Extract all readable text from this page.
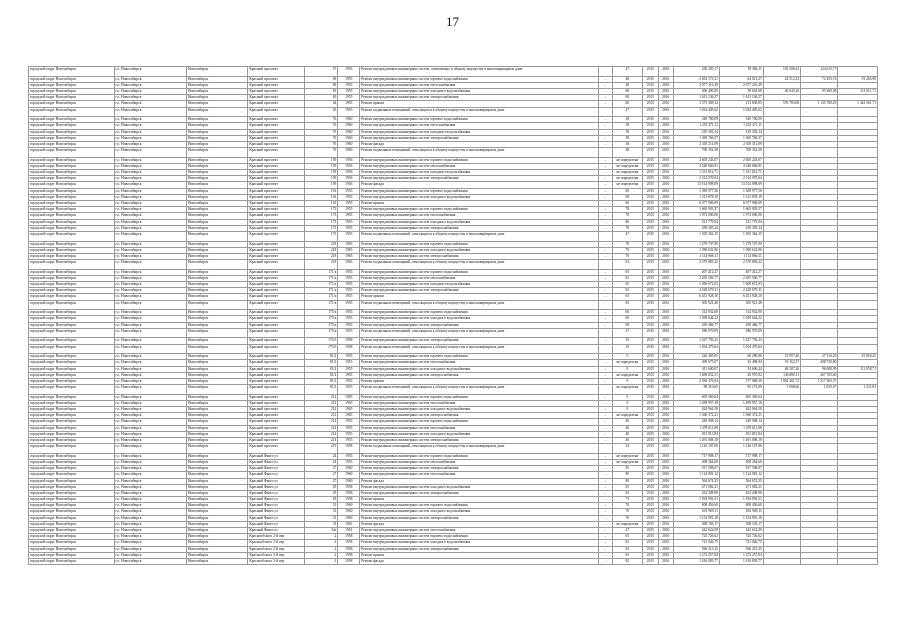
17
городской округ Новосибирск	г.о. Новосибирск	Новосибирск	Красный проспект	57	1953	Ремонт внутридомовых инженерных систем, отвечающих к общему имуществу в многоквартирном доме		47	2015	2016	250 205,17	39 384,11	105 506,63	124 615,77	
городской округ Новосибирск	г.о. Новосибирск	Новосибирск	Красный проспект	69	1955	Ремонт внутридомовых инженерных систем горячего водоснабжения	–	48	2015	2016	2 652 173,31	64 013,27	24 512,32	72 455,74	91 265,98
городской округ Новосибирск	г.о. Новосибирск	Новосибирск	Красный проспект	69	1955	Ремонт внутридомовых инженерных систем теплоснабжения	–	48	2015	2016	2 077 216,49	2 077 216,49			
городской округ Новосибирск	г.о. Новосибирск	Новосибирск	Красный проспект	65	1955	Ремонт внутридомовых инженерных систем холодного водоснабжения	–	60	2015	2016	306 490,00	58 654,68	40 645,26	95 369,08	112 811,71
городской округ Новосибирск	г.о. Новосибирск	Новосибирск	Красный проспект	65	1955	Ремонт внутридомовых инженерных систем электроснабжения	–	60	2015	2016	1 613 136,57	1 613 136,57			
городской округ Новосибирск	г.о. Новосибирск	Новосибирск	Красный проспект	64	1955	Ремонт крыши	–	60	2015	2016	3 373 369,12	213 830,85	576 783,08	1 135 780,29	1 342 561,71
городской округ Новосибирск	г.о. Новосибирск	Новосибирск	Красный проспект	65	1955	Ремонт подвальных помещений, относящихся к общему имуществу в многоквартирном доме		27	2015	2016	1 034 405,62	1 034 405,62			
городской округ Новосибирск	г.о. Новосибирск	Новосибирск	Красный проспект	76	1960	Ремонт внутридомовых инженерных систем горячего водоснабжения	–	38	2015	2016	349 700,09	349 700,09			
городской округ Новосибирск	г.о. Новосибирск	Новосибирск	Красный проспект	76	1960	Ремонт внутридомовых инженерных систем теплоснабжения	–	38	2015	2016	1 253 471,11	1 253 471,11			
городской округ Новосибирск	г.о. Новосибирск	Новосибирск	Красный проспект	76	1960	Ремонт внутридомовых инженерных систем холодного водоснабжения	–	38	2015	2016	419 302,14	419 302,14			
городской округ Новосибирск	г.о. Новосибирск	Новосибирск	Красный проспект	76	1960	Ремонт внутридомовых инженерных систем электроснабжения	–	38	2015	2016	1 369 766,57	1 369 766,57			
городской округ Новосибирск	г.о. Новосибирск	Новосибирск	Красный проспект	76	1960	Ремонт фасада	–	38	2015	2016	2 305 311,09	2 305 311,09			
городской округ Новосибирск	г.о. Новосибирск	Новосибирск	Красный проспект	76	1960	Ремонт подвальных помещений, относящихся к общему имуществу в многоквартирном доме		38	2015	2016	700 352,58	700 352,58			
городской округ Новосибирск	г.о. Новосибирск	Новосибирск	Красный проспект	159	1956	Ремонт внутридомовых инженерных систем горячего водоснабжения	–	не определена	2015	2016	2 605 243,07	2 605 243,07			
городской округ Новосибирск	г.о. Новосибирск	Новосибирск	Красный проспект	159	1956	Ремонт внутридомовых инженерных систем теплоснабжения	–	не определена	2015	2016	4 548 666,81	4 548 666,81			
городской округ Новосибирск	г.о. Новосибирск	Новосибирск	Красный проспект	159	1956	Ремонт внутридомовых инженерных систем холодного водоснабжения	–	не определена	2015	2016	1 331 812,71	1 331 812,71			
городской округ Новосибирск	г.о. Новосибирск	Новосибирск	Красный проспект	159	1956	Ремонт внутридомовых инженерных систем электроснабжения	–	не определена	2015	2016	2 314 070,04	2 314 070,04			
городской округ Новосибирск	г.о. Новосибирск	Новосибирск	Красный проспект	159	1956	Ремонт фасада	–	не определена	2015	2016	13 514 998,09	13 514 998,09			
городской округ Новосибирск	г.о. Новосибирск	Новосибирск	Красный проспект	161	1955	Ремонт внутридомовых инженерных систем горячего водоснабжения	–	60	2015	2016	1 369 977,56	1 369 977,56			
городской округ Новосибирск	г.о. Новосибирск	Новосибирск	Красный проспект	161	1955	Ремонт внутридомовых инженерных систем холодного водоснабжения	–	60	2015	2016	1 313 878,19	1 313 878,19			
городской округ Новосибирск	г.о. Новосибирск	Новосибирск	Красный проспект	161	1955	Ремонт крыши	–	60	2015	2016	6 077 906,09	6 077 906,09			
городской округ Новосибирск	г.о. Новосибирск	Новосибирск	Красный проспект	173	1955	Ремонт внутридомовых инженерных систем горячего водоснабжения	–	78	2015	2016	1 665 903,57	1 665 903,57			
городской округ Новосибирск	г.о. Новосибирск	Новосибирск	Красный проспект	173	1955	Ремонт внутридомовых инженерных систем теплоснабжения	–	78	2015	2016	1 972 000,06	1 972 000,06			
городской округ Новосибирск	г.о. Новосибирск	Новосибирск	Красный проспект	173	1955	Ремонт внутридомовых инженерных систем холодного водоснабжения	–	80	2015	2016	521 779,04	521 779,04			
городской округ Новосибирск	г.о. Новосибирск	Новосибирск	Красный проспект	173	1955	Ремонт внутридомовых инженерных систем электроснабжения	–	78	2015	2016	458 305,24	458 305,24			
городской округ Новосибирск	г.о. Новосибирск	Новосибирск	Красный проспект	173	1955	Ремонт подвальных помещений, относящихся к общему имуществу в многоквартирном доме		47	2015	2016	1 305 362,15	1 305 362,15			
городской округ Новосибирск	г.о. Новосибирск	Новосибирск	Красный проспект	218	1965	Ремонт внутридомовых инженерных систем горячего водоснабжения	–	70	2015	2016	1 279 747,90	1 279 747,90			
городской округ Новосибирск	г.о. Новосибирск	Новосибирск	Красный проспект	218	1965	Ремонт внутридомовых инженерных систем холодного водоснабжения	–	70	2015	2016	1 396 632,96	1 396 632,96			
городской округ Новосибирск	г.о. Новосибирск	Новосибирск	Красный проспект	218	1965	Ремонт внутридомовых инженерных систем электроснабжения	–	70	2015	2016	1 114 866,11	1 114 866,11			
городской округ Новосибирск	г.о. Новосибирск	Новосибирск	Красный проспект	218	1965	Ремонт подвальных помещений, относящихся к общему имуществу в многоквартирном доме		64	2015	2016	2 370 883,22	2 370 883,22			
городской округ Новосибирск	г.о. Новосибирск	Новосибирск	Красный проспект	171/а	1955	Ремонт внутридомовых инженерных систем горячего водоснабжения	–	65	2015	2016	407 412,27	407 412,27			
городской округ Новосибирск	г.о. Новосибирск	Новосибирск	Красный проспект	171/а	1955	Ремонт внутридомовых инженерных систем теплоснабжения	–	65	2015	2016	2 205 506,77	2 205 506,77			
городской округ Новосибирск	г.о. Новосибирск	Новосибирск	Красный проспект	171/а	1955	Ремонт внутридомовых инженерных систем холодного водоснабжения	–	65	2015	2016	1 069 672,03	1 069 672,03			
городской округ Новосибирск	г.о. Новосибирск	Новосибирск	Красный проспект	171/а	1955	Ремонт внутридомовых инженерных систем электроснабжения	–	65	2015	2016	2 428 679,31	2 428 679,31			
городской округ Новосибирск	г.о. Новосибирск	Новосибирск	Красный проспект	171/а	1955	Ремонт крыши	–	65	2015	2016	6 451 928,10	6 451 928,10			
городской округ Новосибирск	г.о. Новосибирск	Новосибирск	Красный проспект	171/а	1955	Ремонт подвальных помещений, относящихся к общему имуществу в многоквартирном доме		65	2015	2016	305 921,48	305 921,48			
городской округ Новосибирск	г.о. Новосибирск	Новосибирск	Красный проспект	175/а	1955	Ремонт внутридомовых инженерных систем горячего водоснабжения	–	60	2015	2016	314 932,00	314 932,00			
городской округ Новосибирск	г.о. Новосибирск	Новосибирск	Красный проспект	175/а	1955	Ремонт внутридомовых инженерных систем холодного водоснабжения	–	60	2015	2016	1 058 644,22	1 058 644,22			
городской округ Новосибирск	г.о. Новосибирск	Новосибирск	Красный проспект	175/а	1955	Ремонт внутридомовых инженерных систем электроснабжения	–	60	2015	2016	450 466,77	450 466,77			
городской округ Новосибирск	г.о. Новосибирск	Новосибирск	Красный проспект	175/а	1955	Ремонт подвальных помещений, относящихся к общему имуществу в многоквартирном доме		27	2015	2016	586 970,09	586 970,09			
городской округ Новосибирск	г.о. Новосибирск	Новосибирск	Красный проспект	175/б	1958	Ремонт внутридомовых инженерных систем электроснабжения	–	35	2015	2016	1 427 793,23	1 427 793,23			
городской округ Новосибирск	г.о. Новосибирск	Новосибирск	Красный проспект	175/б	1958	Ремонт подвальных помещений, относящихся к общему имуществу в многоквартирном доме		35	2015	2016	1 034 479,64	1 034 479,64			
городской округ Новосибирск	г.о. Новосибирск	Новосибирск	Красный проспект	81/2	1955	Ремонт внутридомовых инженерных систем горячего водоснабжения	–	0	2015	2016	226 405,05	66 280,86	51 957,46	27 316,20	81 850,45
городской округ Новосибирск	г.о. Новосибирск	Новосибирск	Красный проспект	81/2	1955	Ремонт внутридомовых инженерных систем теплоснабжения	–	не определена	2015	2016	309 675,07	43 498,94	91 352,37	208 730,80	
городской округ Новосибирск	г.о. Новосибирск	Новосибирск	Красный проспект	81/2	1955	Ремонт внутридомовых инженерных систем холодного водоснабжения	–	0	2015	2016	411 600,07	54 606,24	48 207,26	96 608,99	111 058,71
городской округ Новосибирск	г.о. Новосибирск	Новосибирск	Красный проспект	81/2	1955	Ремонт внутридомовых инженерных систем электроснабжения	–	не определена	2015	2016	1 699 052,51	20 970,82	136 880,11	267 765,40	
городской округ Новосибирск	г.о. Новосибирск	Новосибирск	Красный проспект	81/2	1955	Ремонт крыши	–	0	2015	2016	2 930 476,94	577 068,30	1 062 401,72	1 217 365,37	
городской округ Новосибирск	г.о. Новосибирск	Новосибирск	Красный проспект	81/2	1955	Ремонт подвальных помещений, относящихся к общему имуществу в многоквартирном доме		не определена	2015	2016	98 310,65	95 175,09	1 908,66	1 035,07	1 231,83
городской округ Новосибирск	г.о. Новосибирск	Новосибирск	Красный проспект	212	1965	Ремонт внутридомовых инженерных систем горячего водоснабжения	–	0	2015	2016	605 369,64	605 369,64			
городской округ Новосибирск	г.о. Новосибирск	Новосибирск	Красный проспект	212	1965	Ремонт внутридомовых инженерных систем теплоснабжения	–	0	2015	2016	1 499 957,18	1 499 957,18			
городской округ Новосибирск	г.о. Новосибирск	Новосибирск	Красный проспект	212	1965	Ремонт внутридомовых инженерных систем холодного водоснабжения	–	0	2015	2016	262 964,58	262 964,58			
городской округ Новосибирск	г.о. Новосибирск	Новосибирск	Красный проспект	212	1965	Ремонт внутридомовых инженерных систем электроснабжения	–	не определена	2015	2016	1 360 372,21	1 360 372,21			
городской округ Новосибирск	г.о. Новосибирск	Новосибирск	Красный проспект	214	1955	Ремонт внутридомовых инженерных систем горячего водоснабжения	–	40	2015	2016	449 908,14	449 908,14			
городской округ Новосибирск	г.о. Новосибирск	Новосибирск	Красный проспект	214	1955	Ремонт внутридомовых инженерных систем теплоснабжения	–	40	2015	2016	1 478 611,08	1 478 611,08			
городской округ Новосибирск	г.о. Новосибирск	Новосибирск	Красный проспект	214	1955	Ремонт внутридомовых инженерных систем холодного водоснабжения	–	40	2015	2016	391 815,84	391 815,84			
городской округ Новосибирск	г.о. Новосибирск	Новосибирск	Красный проспект	214	1955	Ремонт внутридомовых инженерных систем электроснабжения	–	40	2015	2016	1 491 008,18	1 491 008,18			
городской округ Новосибирск	г.о. Новосибирск	Новосибирск	Красный проспект	219	1958	Ремонт подвальных помещений, относящихся к общему имуществу в многоквартирном доме		34	2015	2016	1 126 107,06	1 126 107,06			
городской округ Новосибирск	г.о. Новосибирск	Новосибирск	Красный Факел ул	24	1955	Ремонт внутридомовых инженерных систем горячего водоснабжения	–	не определена	2015	2016	717 908,17	717 908,17			
городской округ Новосибирск	г.о. Новосибирск	Новосибирск	Красный Факел ул	24	1955	Ремонт внутридомовых инженерных систем теплоснабжения	–	не определена	2015	2016	408 264,60	408 264,60			
городской округ Новосибирск	г.о. Новосибирск	Новосибирск	Красный Факел ул	27	1960	Ремонт внутридомовых инженерных систем электроснабжения	–	85	2015	2016	917 508,07	917 508,07			
городской округ Новосибирск	г.о. Новосибирск	Новосибирск	Красный Факел ул	27	1960	Ремонт внутридомовых инженерных систем теплоснабжения	–	80	2015	2016	1 124 081,12	1 124 081,12			
городской округ Новосибирск	г.о. Новосибирск	Новосибирск	Красный Факел ул	27	1960	Ремонт фасада	–	80	2015	2016	564 674,35	564 674,35			
городской округ Новосибирск	г.о. Новосибирск	Новосибирск	Красный Факел ул	29	1958	Ремонт внутридомовых инженерных систем холодного водоснабжения	–	65	2015	2016	471 082,21	471 082,21			
городской округ Новосибирск	г.о. Новосибирск	Новосибирск	Красный Факел ул	29	1958	Ремонт внутридомовых инженерных систем электроснабжения	–	65	2015	2016	432 208,98	432 208,98			
городской округ Новосибирск	г.о. Новосибирск	Новосибирск	Красный Факел ул	29	1958	Ремонт крыши	–	73	2015	2016	1 594 992,51	1 594 992,51			
городской округ Новосибирск	г.о. Новосибирск	Новосибирск	Красный Факел ул	31	1960	Ремонт внутридомовых инженерных систем горячего водоснабжения	–	70	2015	2016	608 456,60	608 456,60			
городской округ Новосибирск	г.о. Новосибирск	Новосибирск	Красный Факел ул	31	1960	Ремонт внутридомовых инженерных систем холодного водоснабжения	–	70	2015	2016	633 969,11	633 969,11			
городской округ Новосибирск	г.о. Новосибирск	Новосибирск	Красный Факел ул	31	1960	Ремонт внутридомовых инженерных систем электроснабжения	–	70	2015	2016	1 154 991,18	1 154 991,18			
городской округ Новосибирск	г.о. Новосибирск	Новосибирск	Красный Факел ул	33	1961	Ремонт фасада	–	не определена	2015	2016	308 103,17	308 103,17			
городской округ Новосибирск	г.о. Новосибирск	Новосибирск	Красный Факел ул	34а	1961	Ремонт внутридомовых инженерных систем теплоснабжения	–	47	2015	2016	442 622,09	442 622,09			
городской округ Новосибирск	г.о. Новосибирск	Новосибирск	Краснообского 2-й пер	2	1958	Ремонт внутридомовых инженерных систем горячего водоснабжения	–	65	2015	2016	725 726,62	725 726,62			
городской округ Новосибирск	г.о. Новосибирск	Новосибирск	Краснообского 2-й пер	2	1958	Ремонт внутридомовых инженерных систем холодного водоснабжения	–	65	2015	2016	741 026,75	741 026,75			
городской округ Новосибирск	г.о. Новосибирск	Новосибирск	Краснообского 2-й пер	2	1958	Ремонт внутридомовых инженерных систем электроснабжения	–	65	2015	2016	566 215,25	566 215,25			
городской округ Новосибирск	г.о. Новосибирск	Новосибирск	Краснообского 2-й пер	2	1958	Ремонт крыши	–	65	2015	2016	1 272 257,84	1 272 257,84			
городской округ Новосибирск	г.о. Новосибирск	Новосибирск	Краснообского 2-й пер	2	1958	Ремонт фасада	–	65	2015	2016	1 416 003,77	1 416 003,77			
